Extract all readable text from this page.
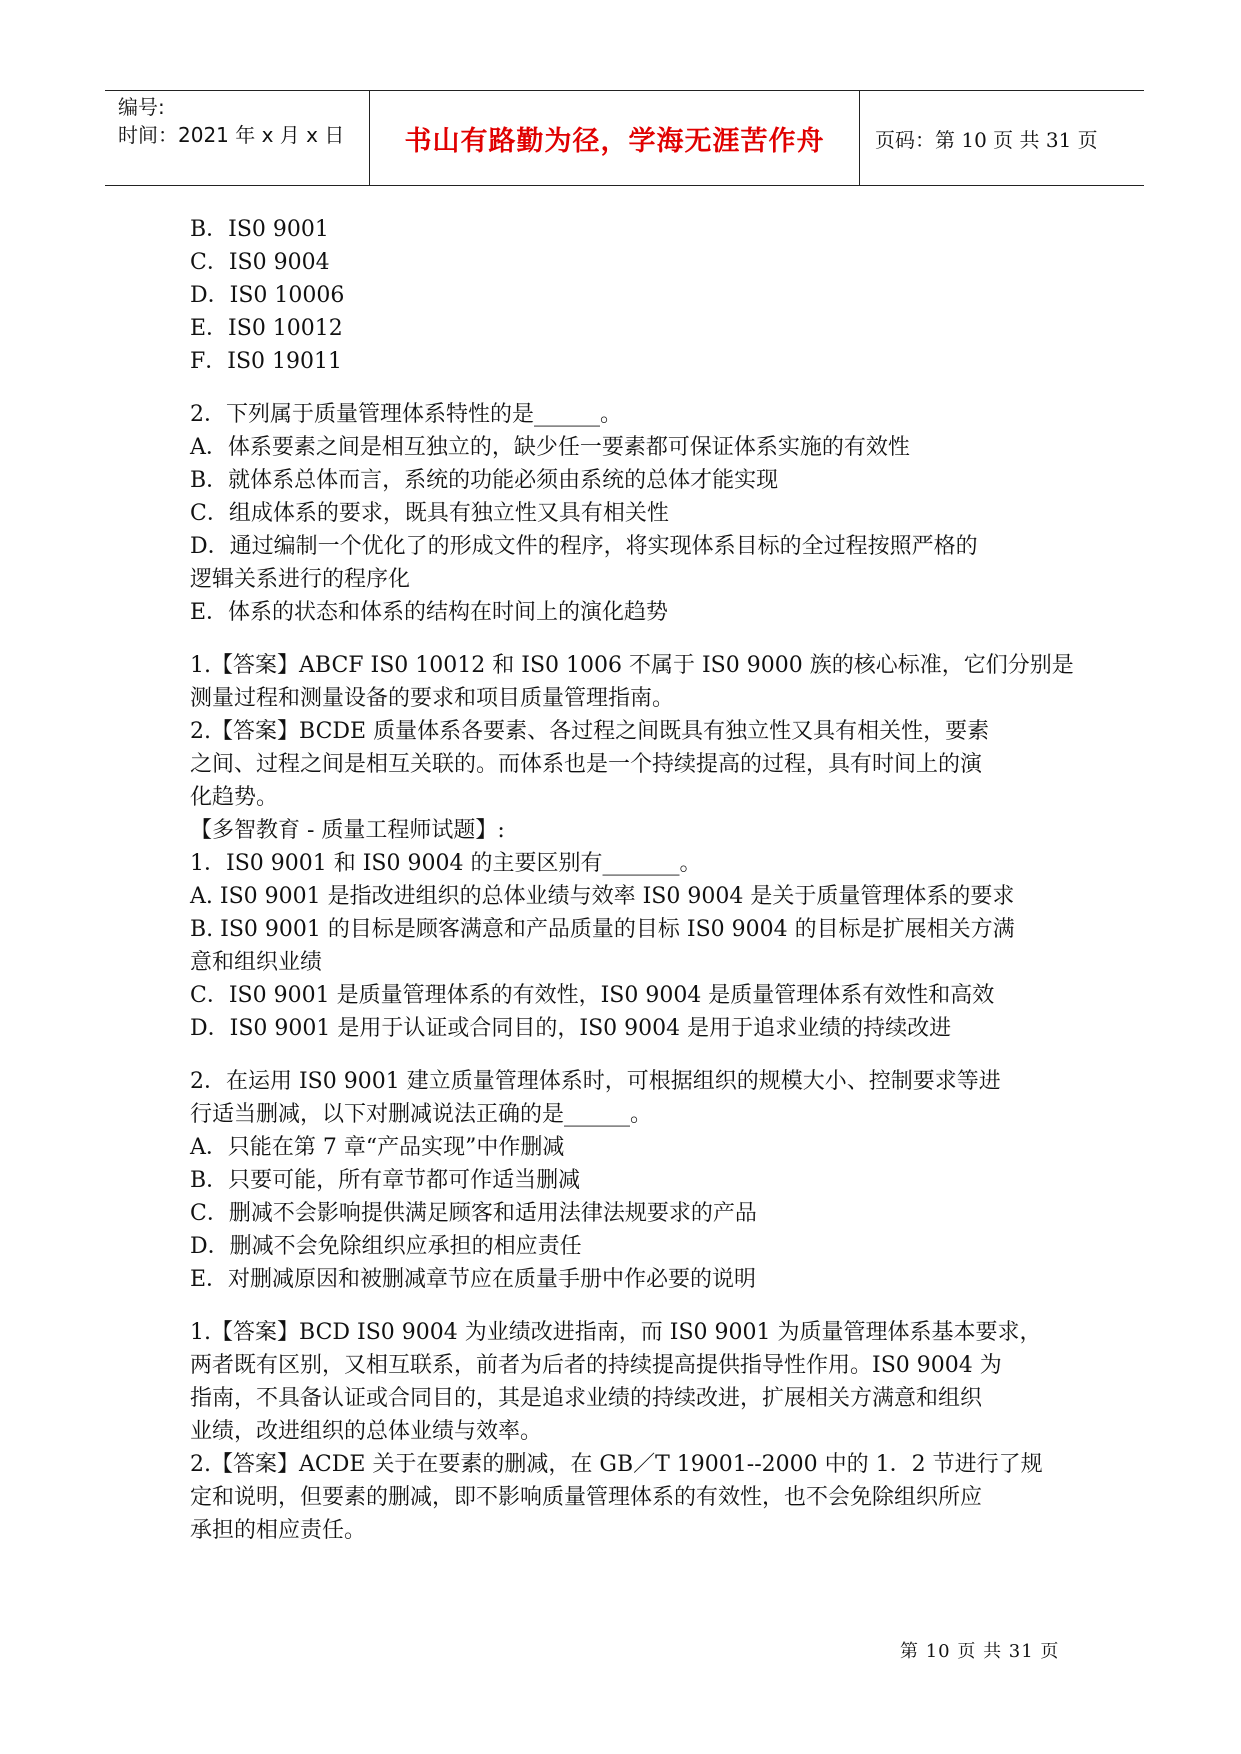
编号:
时间：2021 年 x 月 x 日	书山有路勤为径，学海无涯苦作舟	页码：第 10 页 共 31 页
B．IS0 9001
C．IS0 9004
D．IS0 10006
E．IS0 10012
F．IS0 19011
2．下列属于质量管理体系特性的是______。
A．体系要素之间是相互独立的，缺少任一要素都可保证体系实施的有效性
B．就体系总体而言，系统的功能必须由系统的总体才能实现
C．组成体系的要求，既具有独立性又具有相关性
D．通过编制一个优化了的形成文件的程序，将实现体系目标的全过程按照严格的
逻辑关系进行的程序化
E．体系的状态和体系的结构在时间上的演化趋势
1.【答案】ABCF IS0 10012 和 IS0 1006 不属于 IS0 9000 族的核心标准，它们分别是
测量过程和测量设备的要求和项目质量管理指南。
2.【答案】BCDE 质量体系各要素、各过程之间既具有独立性又具有相关性，要素
之间、过程之间是相互关联的。而体系也是一个持续提高的过程，具有时间上的演
化趋势。
【多智教育 - 质量工程师试题】:
1．IS0 9001 和 IS0 9004 的主要区别有_______。
A. IS0 9001 是指改进组织的总体业绩与效率 IS0 9004 是关于质量管理体系的要求
B. IS0 9001 的目标是顾客满意和产品质量的目标 IS0 9004 的目标是扩展相关方满
意和组织业绩
C．IS0 9001 是质量管理体系的有效性，IS0 9004 是质量管理体系有效性和高效
D．IS0 9001 是用于认证或合同目的，IS0 9004 是用于追求业绩的持续改进
2．在运用 IS0 9001 建立质量管理体系时，可根据组织的规模大小、控制要求等进
行适当删减，以下对删减说法正确的是______。
A．只能在第 7 章“产品实现”中作删减
B．只要可能，所有章节都可作适当删减
C．删减不会影响提供满足顾客和适用法律法规要求的产品
D．删减不会免除组织应承担的相应责任
E．对删减原因和被删减章节应在质量手册中作必要的说明
1.【答案】BCD IS0 9004 为业绩改进指南，而 IS0 9001 为质量管理体系基本要求，
两者既有区别，又相互联系，前者为后者的持续提高提供指导性作用。IS0 9004 为
指南，不具备认证或合同目的，其是追求业绩的持续改进，扩展相关方满意和组织
业绩，改进组织的总体业绩与效率。
2.【答案】ACDE 关于在要素的删减，在 GB／T 19001--2000 中的 1．2 节进行了规
定和说明，但要素的删减，即不影响质量管理体系的有效性，也不会免除组织所应
承担的相应责任。
第 10 页 共 31 页
